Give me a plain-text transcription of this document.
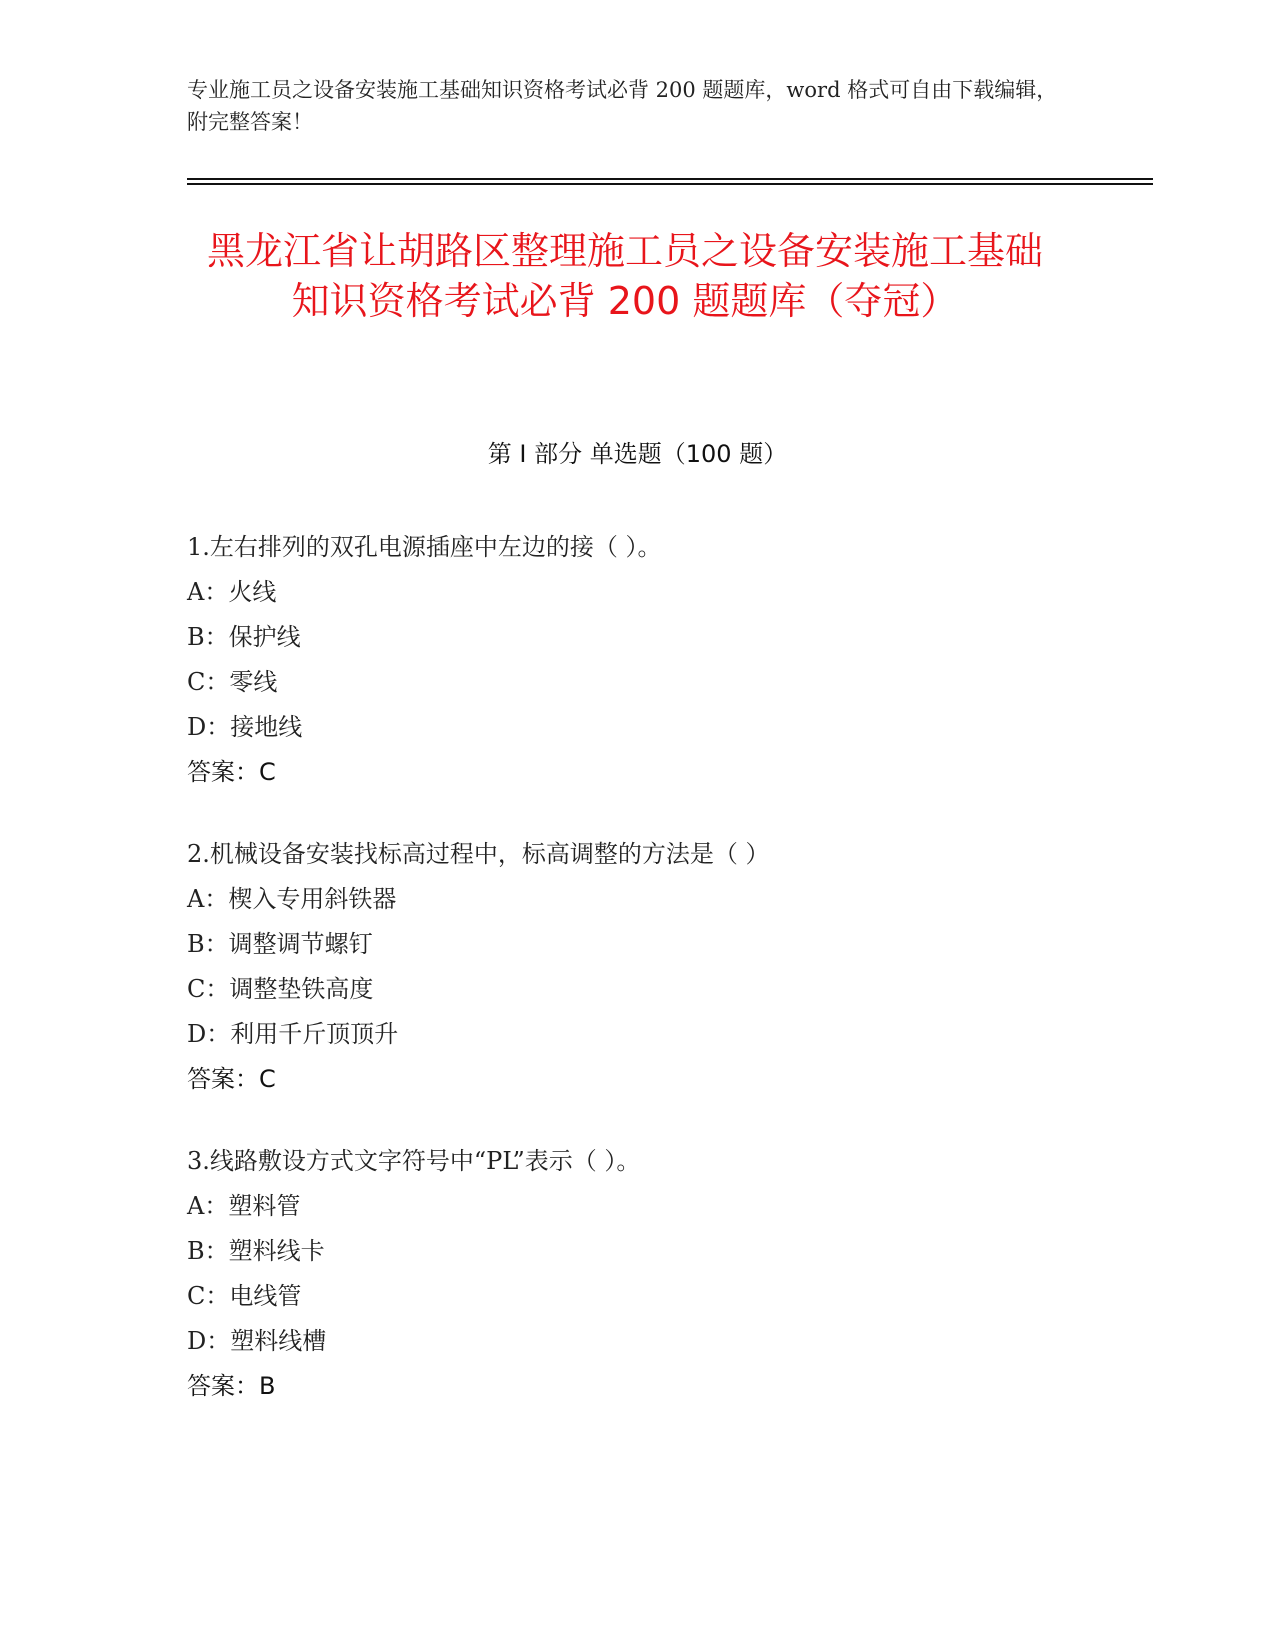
专业施工员之设备安装施工基础知识资格考试必背 200 题题库，word 格式可自由下载编辑，附完整答案！
黑龙江省让胡路区整理施工员之设备安装施工基础知识资格考试必背 200 题题库（夺冠）
第 I 部分 单选题（100 题）
1.左右排列的双孔电源插座中左边的接（ ）。
A：火线
B：保护线
C：零线
D：接地线
答案：C
2.机械设备安装找标高过程中，标高调整的方法是（ ）
A：楔入专用斜铁器
B：调整调节螺钉
C：调整垫铁高度
D：利用千斤顶顶升
答案：C
3.线路敷设方式文字符号中“PL”表示（ ）。
A：塑料管
B：塑料线卡
C：电线管
D：塑料线槽
答案：B
